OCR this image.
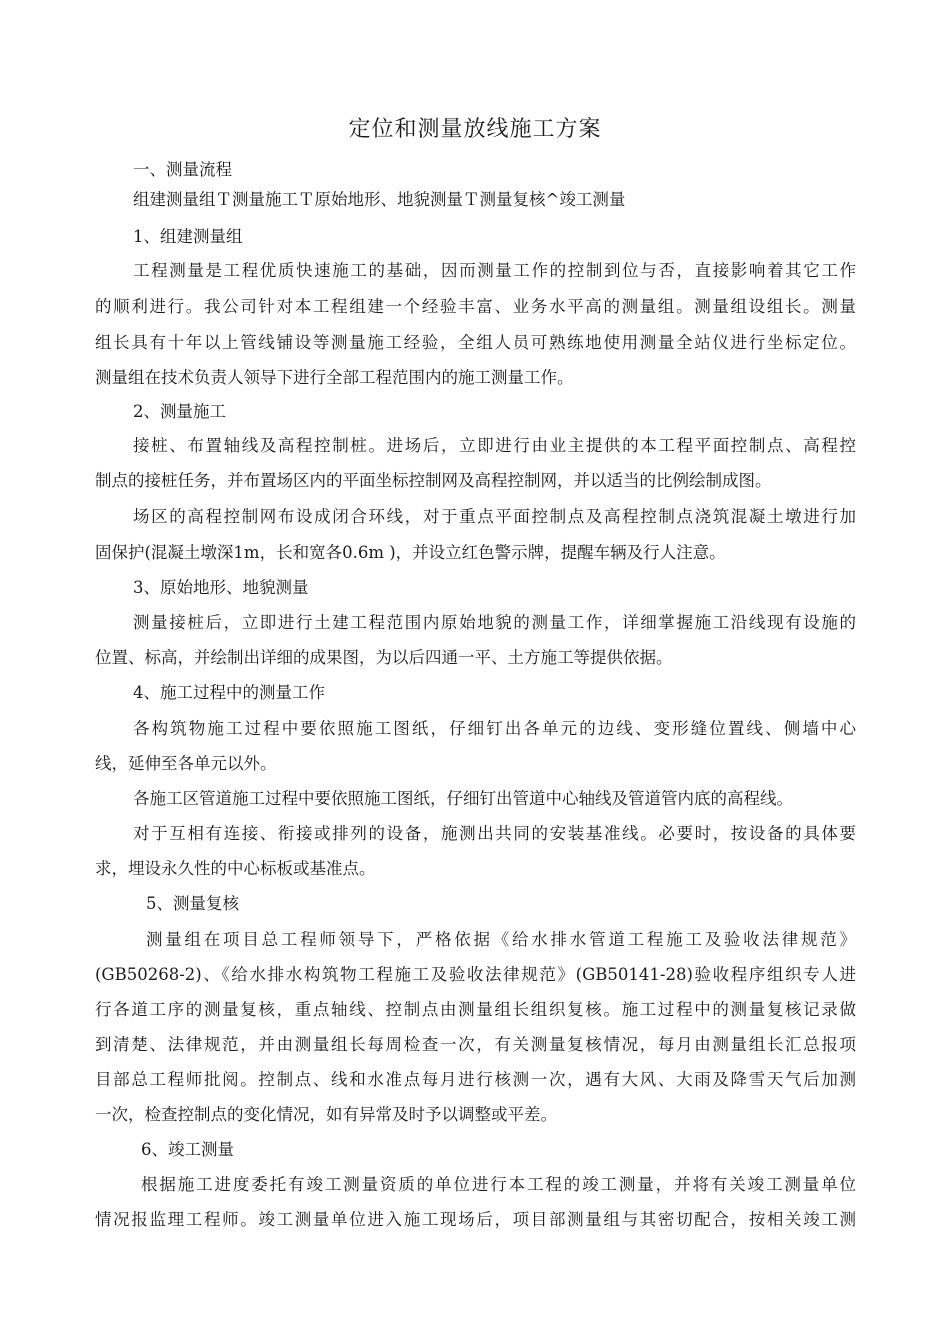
定位和测量放线施工方案
一、测量流程
组建测量组Ｔ测量施工Ｔ原始地形、地貌测量Ｔ测量复核^竣工测量
1、组建测量组
工程测量是工程优质快速施工的基础，因而测量工作的控制到位与否，直接影响着其它工作
的顺利进行。我公司针对本工程组建一个经验丰富、业务水平高的测量组。测量组设组长。测量
组长具有十年以上管线铺设等测量施工经验，全组人员可熟练地使用测量全站仪进行坐标定位。
测量组在技术负责人领导下进行全部工程范围内的施工测量工作。
2、测量施工
接桩、布置轴线及高程控制桩。进场后，立即进行由业主提供的本工程平面控制点、高程控
制点的接桩任务，并布置场区内的平面坐标控制网及高程控制网，并以适当的比例绘制成图。
场区的高程控制网布设成闭合环线，对于重点平面控制点及高程控制点浇筑混凝土墩进行加
固保护(混凝土墩深1m，长和宽各0.6m )，并设立红色警示牌，提醒车辆及行人注意。
3、原始地形、地貌测量
测量接桩后，立即进行土建工程范围内原始地貌的测量工作，详细掌握施工沿线现有设施的
位置、标高，并绘制出详细的成果图，为以后四通一平、土方施工等提供依据。
4、施工过程中的测量工作
各构筑物施工过程中要依照施工图纸，仔细钉出各单元的边线、变形缝位置线、侧墙中心
线，延伸至各单元以外。
各施工区管道施工过程中要依照施工图纸，仔细钉出管道中心轴线及管道管内底的高程线。
对于互相有连接、衔接或排列的设备，施测出共同的安装基准线。必要时，按设备的具体要
求，埋设永久性的中心标板或基准点。
5、测量复核
测量组在项目总工程师领导下，严格依据《给水排水管道工程施工及验收法律规范》
(GB50268-2)、《给水排水构筑物工程施工及验收法律规范》(GB50141-28)验收程序组织专人进
行各道工序的测量复核，重点轴线、控制点由测量组长组织复核。施工过程中的测量复核记录做
到清楚、法律规范，并由测量组长每周检查一次，有关测量复核情况，每月由测量组长汇总报项
目部总工程师批阅。控制点、线和水准点每月进行核测一次，遇有大风、大雨及降雪天气后加测
一次，检查控制点的变化情况，如有异常及时予以调整或平差。
6、竣工测量
根据施工进度委托有竣工测量资质的单位进行本工程的竣工测量，并将有关竣工测量单位
情况报监理工程师。竣工测量单位进入施工现场后，项目部测量组与其密切配合，按相关竣工测
